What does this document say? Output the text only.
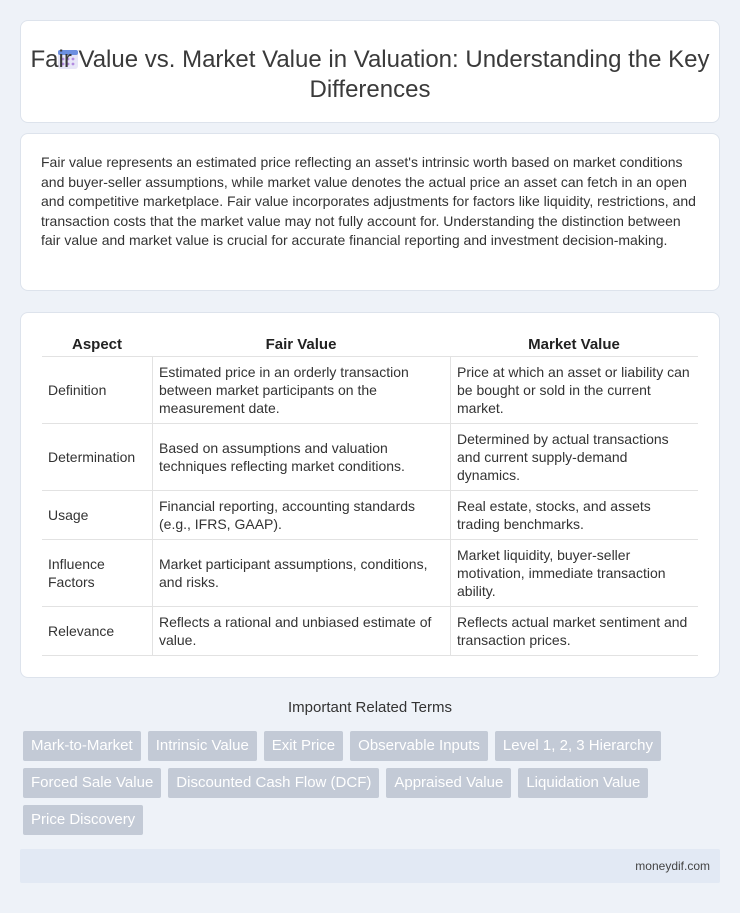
Fair Value vs. Market Value in Valuation: Understanding the Key Differences

Fair value represents an estimated price reflecting an asset's intrinsic worth based on market conditions and buyer-seller assumptions, while market value denotes the actual price an asset can fetch in an open and competitive marketplace. Fair value incorporates adjustments for factors like liquidity, restrictions, and transaction costs that the market value may not fully account for. Understanding the distinction between fair value and market value is crucial for accurate financial reporting and investment decision-making.

Aspect	Fair Value	Market Value
Definition	Estimated price in an orderly transaction between market participants on the measurement date.	Price at which an asset or liability can be bought or sold in the current market.
Determination	Based on assumptions and valuation techniques reflecting market conditions.	Determined by actual transactions and current supply-demand dynamics.
Usage	Financial reporting, accounting standards (e.g., IFRS, GAAP).	Real estate, stocks, and assets trading benchmarks.
Influence Factors	Market participant assumptions, conditions, and risks.	Market liquidity, buyer-seller motivation, immediate transaction ability.
Relevance	Reflects a rational and unbiased estimate of value.	Reflects actual market sentiment and transaction prices.
Important Related Terms
Mark-to-Market	Intrinsic Value	Exit Price	Observable Inputs	Level 1, 2, 3 Hierarchy
Forced Sale Value	Discounted Cash Flow (DCF)	Appraised Value	Liquidation Value
Price Discovery
moneydif.com
